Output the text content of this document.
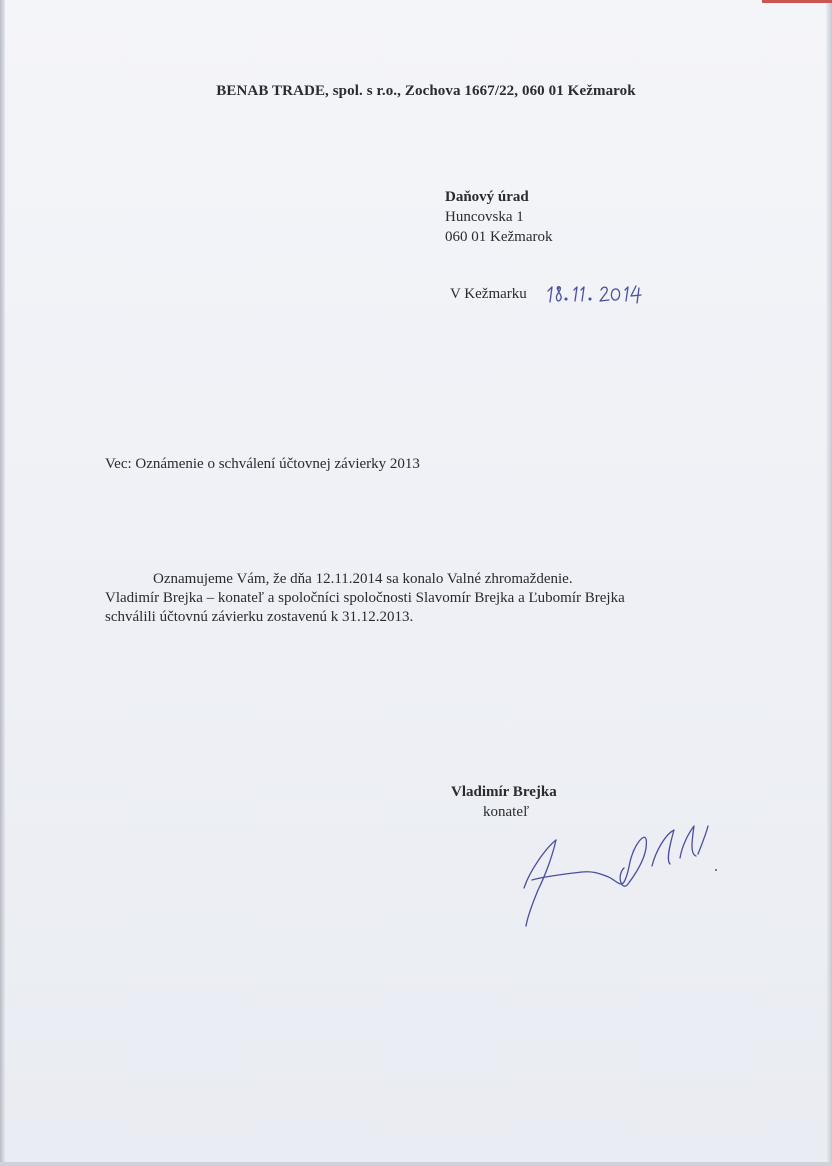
BENAB TRADE, spol. s r.o., Zochova 1667/22, 060 01 Kežmarok
Daňový úrad
Huncovska 1
060 01 Kežmarok
V Kežmarku
Vec: Oznámenie o schválení účtovnej závierky 2013

Oznamujeme Vám, že dňa 12.11.2014 sa konalo Valné zhromaždenie.

Vladimír Brejka – konateľ a spoločníci spoločnosti Slavomír Brejka a Ľubomír Brejka

schválili účtovnú závierku zostavenú k 31.12.2013.

Vladimír Brejka
konateľ
